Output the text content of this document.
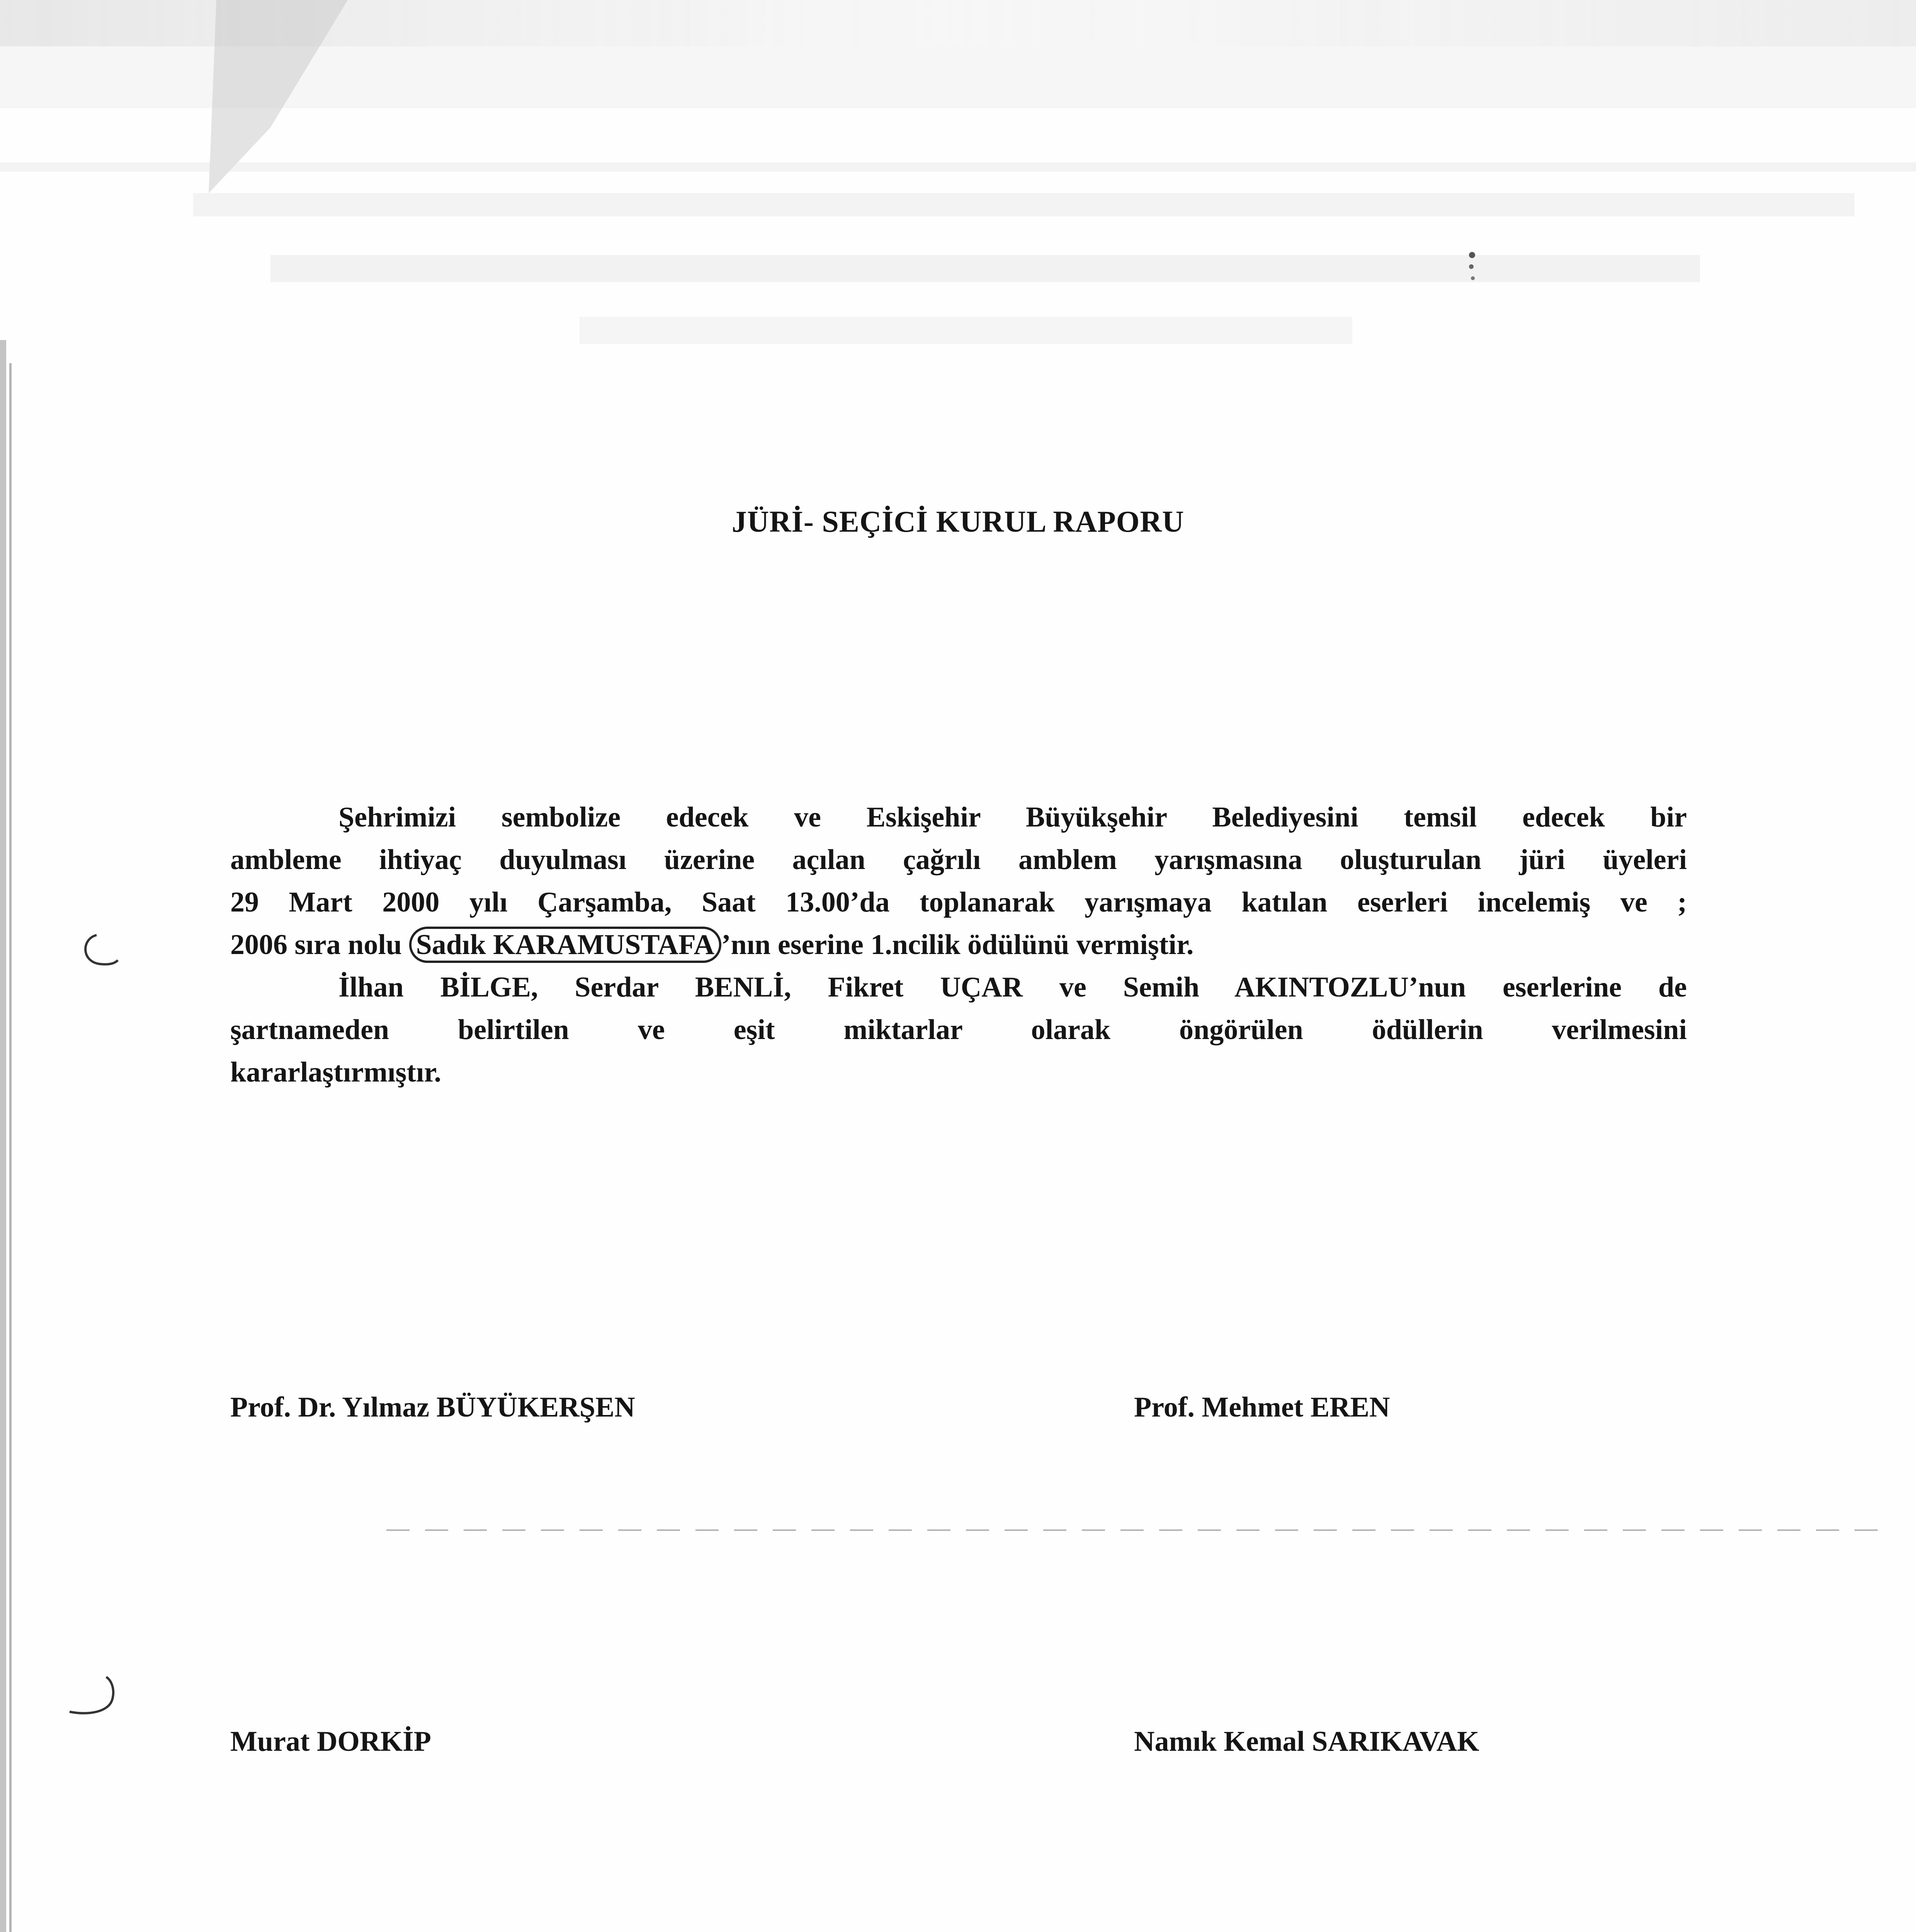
JÜRİ- SEÇİCİ KURUL RAPORU
Şehrimizi sembolize edecek ve Eskişehir Büyükşehir Belediyesini temsil edecek bir
ambleme ihtiyaç duyulması üzerine açılan çağrılı amblem yarışmasına oluşturulan jüri üyeleri
29 Mart 2000 yılı Çarşamba, Saat 13.00’da toplanarak yarışmaya katılan eserleri incelemiş ve ;
2006 sıra nolu Sadık KARAMUSTAFA ’nın eserine 1.ncilik ödülünü vermiştir.
İlhan BİLGE, Serdar BENLİ, Fikret UÇAR ve Semih AKINTOZLU’nun eserlerine de
şartnameden belirtilen ve eşit miktarlar olarak öngörülen ödüllerin verilmesini
kararlaştırmıştır.
Prof. Dr. Yılmaz BÜYÜKERŞEN	Prof. Mehmet EREN
Murat DORKİP	Namık Kemal SARIKAVAK
